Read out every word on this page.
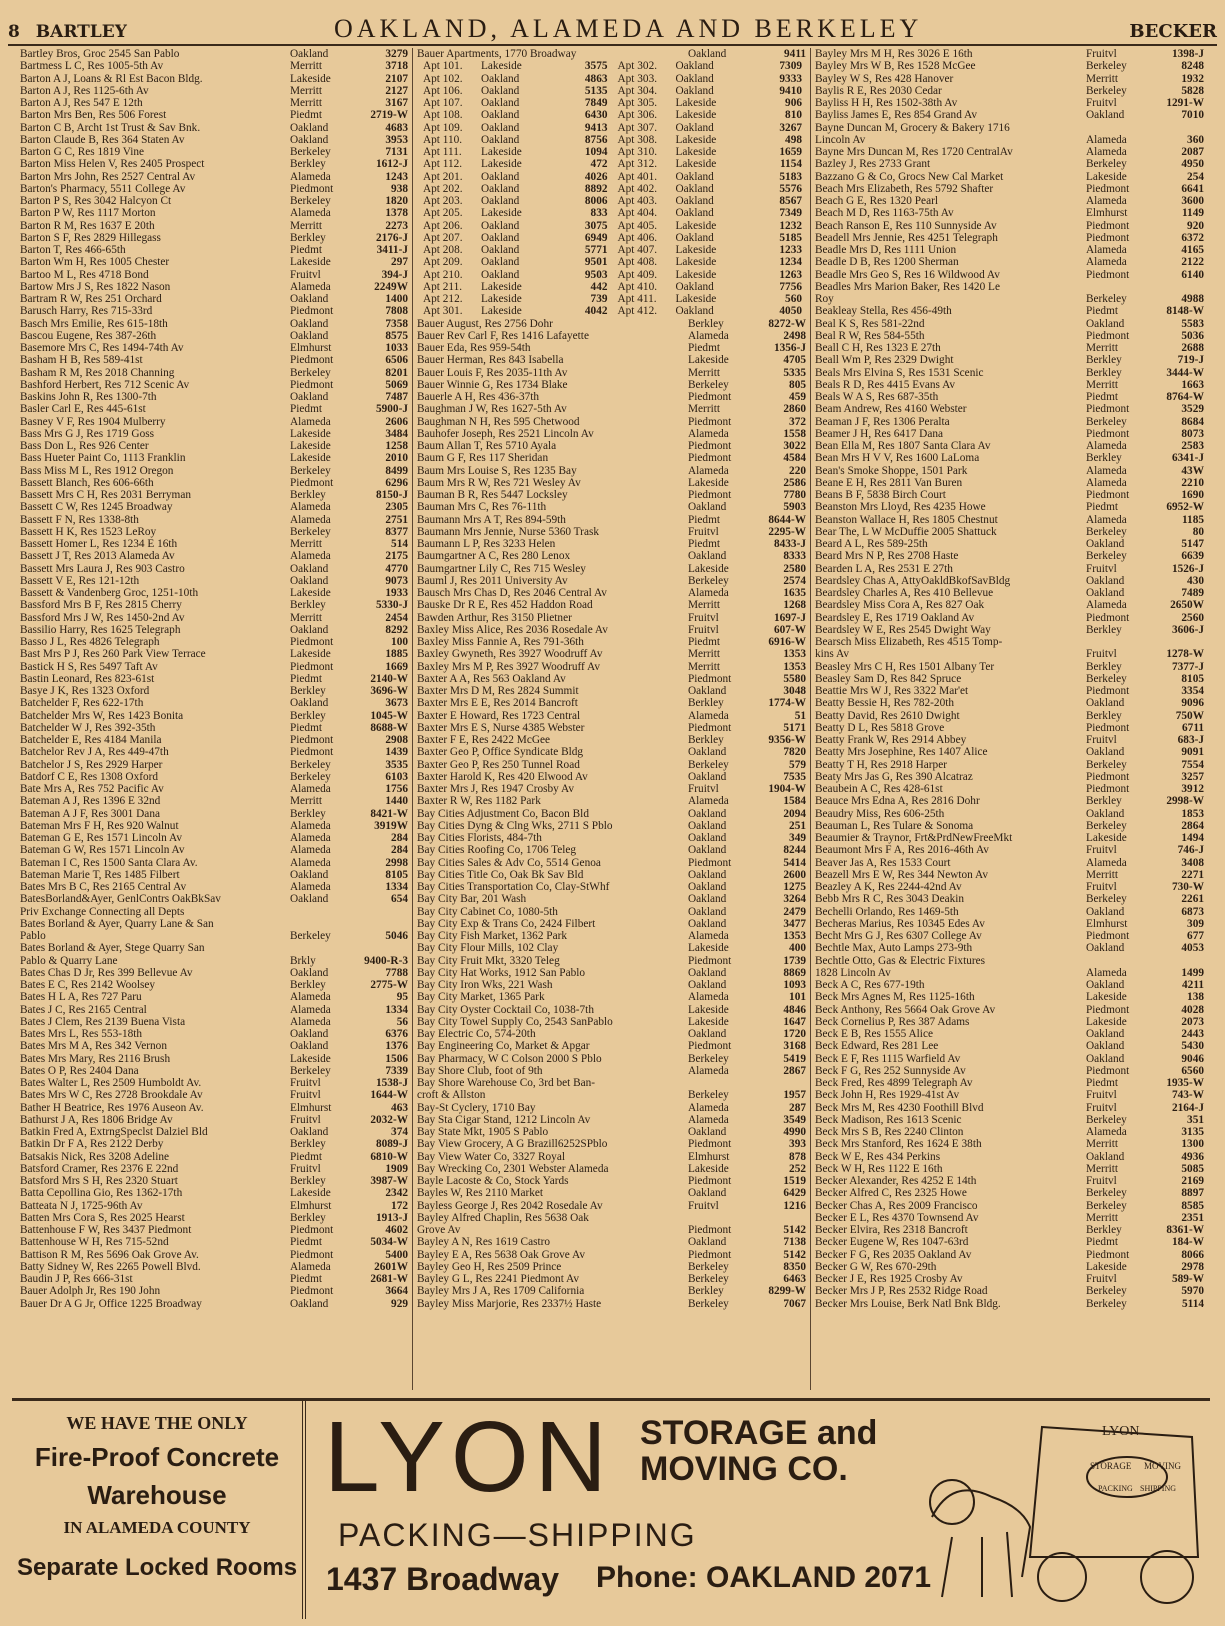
8 BARTLEY	OAKLAND, ALAMEDA AND BERKELEY	BECKER
Bartley Bros, Groc 2545 San Pablo	Oakland	3279
Bartmess L C, Res 1005-5th Av	Merritt	3718
Barton A J, Loans & Rl Est Bacon Bldg.	Lakeside	2107
Barton A J, Res 1125-6th Av	Merritt	2127
Barton A J, Res 547 E 12th	Merritt	3167
Barton Mrs Ben, Res 506 Forest	Piedmt	2719-W
Barton C B, Archt 1st Trust & Sav Bnk.	Oakland	4683
Barton Claude B, Res 364 Staten Av	Oakland	3953
Barton G C, Res 1819 Vine	Berkeley	7131
Barton Miss Helen V, Res 2405 Prospect	Berkley	1612-J
Barton Mrs John, Res 2527 Central Av	Alameda	1243
Barton's Pharmacy, 5511 College Av	Piedmont	938
Barton P S, Res 3042 Halcyon Ct	Berkeley	1820
Barton P W, Res 1117 Morton	Alameda	1378
Barton R M, Res 1637 E 20th	Merritt	2273
Barton S F, Res 2829 Hillegass	Berkley	2176-J
Barton T, Res 466-65th	Piedmt	3411-J
Barton Wm H, Res 1005 Chester	Lakeside	297
Bartoo M L, Res 4718 Bond	Fruitvl	394-J
Bartow Mrs J S, Res 1822 Nason	Alameda	2249W
Bartram R W, Res 251 Orchard	Oakland	1400
Barusch Harry, Res 715-33rd	Piedmont	7808
Basch Mrs Emilie, Res 615-18th	Oakland	7358
Bascou Eugene, Res 387-26th	Oakland	8575
Basemore Mrs C, Res 1494-74th Av	Elmhurst	1033
Basham H B, Res 589-41st	Piedmont	6506
Basham R M, Res 2018 Channing	Berkeley	8201
Bashford Herbert, Res 712 Scenic Av	Piedmont	5069
Baskins John R, Res 1300-7th	Oakland	7487
Basler Carl E, Res 445-61st	Piedmt	5900-J
Basney V F, Res 1904 Mulberry	Alameda	2606
Bass Mrs G J, Res 1719 Goss	Lakeside	3484
Bass Don L, Res 926 Center	Lakeside	1258
Bass Hueter Paint Co, 1113 Franklin	Lakeside	2010
Bass Miss M L, Res 1912 Oregon	Berkeley	8499
Bassett Blanch, Res 606-66th	Piedmont	6296
Bassett Mrs C H, Res 2031 Berryman	Berkley	8150-J
Bassett C W, Res 1245 Broadway	Alameda	2305
Bassett F N, Res 1338-8th	Alameda	2751
Bassett H K, Res 1523 LeRoy	Berkeley	8377
Bassett Homer L, Res 1234 E 16th	Merritt	514
Bassett J T, Res 2013 Alameda Av	Alameda	2175
Bassett Mrs Laura J, Res 903 Castro	Oakland	4770
Bassett V E, Res 121-12th	Oakland	9073
Bassett & Vandenberg Groc, 1251-10th	Lakeside	1933
Bassford Mrs B F, Res 2815 Cherry	Berkley	5330-J
Bassford Mrs J W, Res 1450-2nd Av	Merritt	2454
Bassilio Harry, Res 1625 Telegraph	Oakland	8292
Basso J L, Res 4826 Telegraph	Piedmont	100
Bast Mrs P J, Res 260 Park View Terrace	Lakeside	1885
Bastick H S, Res 5497 Taft Av	Piedmont	1669
Bastin Leonard, Res 823-61st	Piedmt	2140-W
Basye J K, Res 1323 Oxford	Berkley	3696-W
Batchelder F, Res 622-17th	Oakland	3673
Batchelder Mrs W, Res 1423 Bonita	Berkley	1045-W
Batchelder W J, Res 392-35th	Piedmt	8688-W
Batchelder E, Res 4184 Manila	Piedmont	2908
Batchelor Rev J A, Res 449-47th	Piedmont	1439
Batchelor J S, Res 2929 Harper	Berkeley	3535
Batdorf C E, Res 1308 Oxford	Berkeley	6103
Bate Mrs A, Res 752 Pacific Av	Alameda	1756
Bateman A J, Res 1396 E 32nd	Merritt	1440
Bateman A J F, Res 3001 Dana	Berkley	8421-W
Bateman Mrs F H, Res 920 Walnut	Alameda	3919W
Bateman G E, Res 1571 Lincoln Av	Alameda	284
Bateman G W, Res 1571 Lincoln Av	Alameda	284
Bateman I C, Res 1500 Santa Clara Av.	Alameda	2998
Bateman Marie T, Res 1485 Filbert	Oakland	8105
Bates Mrs B C, Res 2165 Central Av	Alameda	1334
BatesBorland&Ayer, GenlContrs OakBkSav	Oakland	654
Priv Exchange Connecting all Depts
Bates Borland & Ayer, Quarry Lane & San
Pablo	Berkeley	5046
Bates Borland & Ayer, Stege Quarry San
Pablo & Quarry Lane	Brkly	9400-R-3
Bates Chas D Jr, Res 399 Bellevue Av	Oakland	7788
Bates E C, Res 2142 Woolsey	Berkley	2775-W
Bates H L A, Res 727 Paru	Alameda	95
Bates J C, Res 2165 Central	Alameda	1334
Bates J Clem, Res 2139 Buena Vista	Alameda	56
Bates Mrs L, Res 553-18th	Oakland	6376
Bates Mrs M A, Res 342 Vernon	Oakland	1376
Bates Mrs Mary, Res 2116 Brush	Lakeside	1506
Bates O P, Res 2404 Dana	Berkeley	7339
Bates Walter L, Res 2509 Humboldt Av.	Fruitvl	1538-J
Bates Mrs W C, Res 2728 Brookdale Av	Fruitvl	1644-W
Bather H Beatrice, Res 1976 Auseon Av.	Elmhurst	463
Bathurst J A, Res 1806 Bridge Av	Fruitvl	2032-W
Batkin Fred A, ExtrngSpeclst Dalziel Bld	Oakland	374
Batkin Dr F A, Res 2122 Derby	Berkley	8089-J
Batsakis Nick, Res 3208 Adeline	Piedmt	6810-W
Batsford Cramer, Res 2376 E 22nd	Fruitvl	1909
Batsford Mrs S H, Res 2320 Stuart	Berkley	3987-W
Batta Cepollina Gio, Res 1362-17th	Lakeside	2342
Batteata N J, 1725-96th Av	Elmhurst	172
Batten Mrs Cora S, Res 2025 Hearst	Berkley	1913-J
Battenhouse F W, Res 3437 Piedmont	Piedmont	4602
Battenhouse W H, Res 715-52nd	Piedmt	5034-W
Battison R M, Res 5696 Oak Grove Av.	Piedmont	5400
Batty Sidney W, Res 2265 Powell Blvd.	Alameda	2601W
Baudin J P, Res 666-31st	Piedmt	2681-W
Bauer Adolph Jr, Res 190 John	Piedmont	3664
Bauer Dr A G Jr, Office 1225 Broadway	Oakland	929
Bauer Apartments, 1770 Broadway	Oakland	9411
Apt 101.	Lakeside	3575 Apt 302.	Oakland	7309
Apt 102.	Oakland	4863 Apt 303.	Oakland	9333
Apt 106.	Oakland	5135 Apt 304.	Oakland	9410
Apt 107.	Oakland	7849 Apt 305.	Lakeside	906
Apt 108.	Oakland	6430 Apt 306.	Lakeside	810
Apt 109.	Oakland	9413 Apt 307.	Oakland	3267
Apt 110.	Oakland	8756 Apt 308.	Lakeside	498
Apt 111.	Lakeside	1094 Apt 310.	Lakeside	1659
Apt 112.	Lakeside	472 Apt 312.	Lakeside	1154
Apt 201.	Oakland	4026 Apt 401.	Oakland	5183
Apt 202.	Oakland	8892 Apt 402.	Oakland	5576
Apt 203.	Oakland	8006 Apt 403.	Oakland	8567
Apt 205.	Lakeside	833 Apt 404.	Oakland	7349
Apt 206.	Oakland	3075 Apt 405.	Lakeside	1232
Apt 207.	Oakland	6949 Apt 406.	Oakland	5185
Apt 208.	Oakland	5771 Apt 407.	Lakeside	1233
Apt 209.	Oakland	9501 Apt 408.	Lakeside	1234
Apt 210.	Oakland	9503 Apt 409.	Lakeside	1263
Apt 211.	Lakeside	442 Apt 410.	Oakland	7756
Apt 212.	Lakeside	739 Apt 411.	Lakeside	560
Apt 301.	Lakeside	4042 Apt 412.	Oakland	4050
Bauer August, Res 2756 Dohr	Berkley	8272-W
Bauer Rev Carl F, Res 1416 Lafayette	Alameda	2498
Bauer Eda, Res 959-54th	Piedmt	1356-J
Bauer Herman, Res 843 Isabella	Lakeside	4705
Bauer Louis F, Res 2035-11th Av	Merritt	5335
Bauer Winnie G, Res 1734 Blake	Berkeley	805
Bauerle A H, Res 436-37th	Piedmont	459
Baughman J W, Res 1627-5th Av	Merritt	2860
Baughman N H, Res 595 Chetwood	Piedmont	372
Bauhofer Joseph, Res 2521 Lincoln Av	Alameda	1558
Baum Allan T, Res 5710 Ayala	Piedmont	3022
Baum G F, Res 117 Sheridan	Piedmont	4584
Baum Mrs Louise S, Res 1235 Bay	Alameda	220
Baum Mrs R W, Res 721 Wesley Av	Lakeside	2586
Bauman B R, Res 5447 Locksley	Piedmont	7780
Bauman Mrs C, Res 76-11th	Oakland	5903
Baumann Mrs A T, Res 894-59th	Piedmt	8644-W
Baumann Mrs Jennie, Nurse 5360 Trask	Fruitvl	2295-W
Baumann L P, Res 3233 Helen	Piedmt	8433-J
Baumgartner A C, Res 280 Lenox	Oakland	8333
Baumgartner Lily C, Res 715 Wesley	Lakeside	2580
Bauml J, Res 2011 University Av	Berkeley	2574
Bausch Mrs Chas D, Res 2046 Central Av	Alameda	1635
Bauske Dr R E, Res 452 Haddon Road	Merritt	1268
Bawden Arthur, Res 3150 Plietner	Fruitvl	1697-J
Baxley Miss Alice, Res 2036 Rosedale Av	Fruitvl	607-W
Baxley Miss Fannie A, Res 791-36th	Piedmt	6916-W
Baxley Gwyneth, Res 3927 Woodruff Av	Merritt	1353
Baxley Mrs M P, Res 3927 Woodruff Av	Merritt	1353
Baxter A A, Res 563 Oakland Av	Piedmont	5580
Baxter Mrs D M, Res 2824 Summit	Oakland	3048
Baxter Mrs E E, Res 2014 Bancroft	Berkley	1774-W
Baxter E Howard, Res 1723 Central	Alameda	51
Baxter Mrs E S, Nurse 4385 Webster	Piedmont	5171
Baxter F E, Res 2422 McGee	Berkley	9356-W
Baxter Geo P, Office Syndicate Bldg	Oakland	7820
Baxter Geo P, Res 250 Tunnel Road	Berkeley	579
Baxter Harold K, Res 420 Elwood Av	Oakland	7535
Baxter Mrs J, Res 1947 Crosby Av	Fruitvl	1904-W
Baxter R W, Res 1182 Park	Alameda	1584
Bay Cities Adjustment Co, Bacon Bld	Oakland	2094
Bay Cities Dyng & Clng Wks, 2711 S Pblo	Oakland	251
Bay Cities Florists, 484-7th	Oakland	349
Bay Cities Roofing Co, 1706 Teleg	Oakland	8244
Bay Cities Sales & Adv Co, 5514 Genoa	Piedmont	5414
Bay Cities Title Co, Oak Bk Sav Bld	Oakland	2600
Bay Cities Transportation Co, Clay-StWhf	Oakland	1275
Bay City Bar, 201 Wash	Oakland	3264
Bay City Cabinet Co, 1080-5th	Oakland	2479
Bay City Exp & Trans Co, 2424 Filbert	Oakland	3477
Bay City Fish Market, 1362 Park	Alameda	1353
Bay City Flour Mills, 102 Clay	Lakeside	400
Bay City Fruit Mkt, 3320 Teleg	Piedmont	1739
Bay City Hat Works, 1912 San Pablo	Oakland	8869
Bay City Iron Wks, 221 Wash	Oakland	1093
Bay City Market, 1365 Park	Alameda	101
Bay City Oyster Cocktail Co, 1038-7th	Lakeside	4846
Bay City Towel Supply Co, 2543 SanPablo	Lakeside	1647
Bay Electric Co, 574-20th	Oakland	1720
Bay Engineering Co, Market & Apgar	Piedmont	3168
Bay Pharmacy, W C Colson 2000 S Pblo	Berkeley	5419
Bay Shore Club, foot of 9th	Alameda	2867
Bay Shore Warehouse Co, 3rd bet Ban-
croft & Allston	Berkeley	1957
Bay-St Cyclery, 1710 Bay	Alameda	287
Bay Sta Cigar Stand, 1212 Lincoln Av	Alameda	3549
Bay State Mkt, 1905 S Pablo	Oakland	4990
Bay View Grocery, A G Brazill6252SPblo	Piedmont	393
Bay View Water Co, 3327 Royal	Elmhurst	878
Bay Wrecking Co, 2301 Webster Alameda	Lakeside	252
Bayle Lacoste & Co, Stock Yards	Piedmont	1519
Bayles W, Res 2110 Market	Oakland	6429
Bayless George J, Res 2042 Rosedale Av	Fruitvl	1216
Bayley Alfred Chaplin, Res 5638 Oak
Grove Av	Piedmont	5142
Bayley A N, Res 1619 Castro	Oakland	7138
Bayley E A, Res 5638 Oak Grove Av	Piedmont	5142
Bayley Geo H, Res 2509 Prince	Berkeley	8350
Bayley G L, Res 2241 Piedmont Av	Berkeley	6463
Bayley Mrs J A, Res 1709 California	Berkley	8299-W
Bayley Miss Marjorie, Res 2337½ Haste	Berkeley	7067
Bayley Mrs M H, Res 3026 E 16th	Fruitvl	1398-J
Bayley Mrs W B, Res 1528 McGee	Berkeley	8248
Bayley W S, Res 428 Hanover	Merritt	1932
Baylis R E, Res 2030 Cedar	Berkeley	5828
Bayliss H H, Res 1502-38th Av	Fruitvl	1291-W
Bayliss James E, Res 854 Grand Av	Oakland	7010
Bayne Duncan M, Grocery & Bakery 1716
Lincoln Av	Alameda	360
Bayne Mrs Duncan M, Res 1720 CentralAv	Alameda	2087
Bazley J, Res 2733 Grant	Berkeley	4950
Bazzano G & Co, Grocs New Cal Market	Lakeside	254
Beach Mrs Elizabeth, Res 5792 Shafter	Piedmont	6641
Beach G E, Res 1320 Pearl	Alameda	3600
Beach M D, Res 1163-75th Av	Elmhurst	1149
Beach Ranson E, Res 110 Sunnyside Av	Piedmont	920
Beadell Mrs Jennie, Res 4251 Telegraph	Piedmont	6372
Beadle Mrs D, Res 1111 Union	Alameda	4165
Beadle D B, Res 1200 Sherman	Alameda	2122
Beadle Mrs Geo S, Res 16 Wildwood Av	Piedmont	6140
Beadles Mrs Marion Baker, Res 1420 Le
Roy	Berkeley	4988
Beakleay Stella, Res 456-49th	Piedmt	8148-W
Beal K S, Res 581-22nd	Oakland	5583
Beal R W, Res 584-55th	Piedmont	5036
Beall C H, Res 1323 E 27th	Merritt	2688
Beall Wm P, Res 2329 Dwight	Berkley	719-J
Beals Mrs Elvina S, Res 1531 Scenic	Berkley	3444-W
Beals R D, Res 4415 Evans Av	Merritt	1663
Beals W A S, Res 687-35th	Piedmt	8764-W
Beam Andrew, Res 4160 Webster	Piedmont	3529
Beaman J F, Res 1306 Peralta	Berkeley	8684
Beamer J H, Res 6417 Dana	Piedmont	8073
Bean Ella M, Res 1807 Santa Clara Av	Alameda	2583
Bean Mrs H V V, Res 1600 LaLoma	Berkley	6341-J
Bean's Smoke Shoppe, 1501 Park	Alameda	43W
Beane E H, Res 2811 Van Buren	Alameda	2210
Beans B F, 5838 Birch Court	Piedmont	1690
Beanston Mrs Lloyd, Res 4235 Howe	Piedmt	6952-W
Beanston Wallace H, Res 1805 Chestnut	Alameda	1185
Bear The, L W McDuffie 2005 Shattuck	Berkeley	80
Beard A L, Res 589-25th	Oakland	5147
Beard Mrs N P, Res 2708 Haste	Berkeley	6639
Bearden L A, Res 2531 E 27th	Fruitvl	1526-J
Beardsley Chas A, AttyOakldBkofSavBldg	Oakland	430
Beardsley Charles A, Res 410 Bellevue	Oakland	7489
Beardsley Miss Cora A, Res 827 Oak	Alameda	2650W
Beardsley E, Res 1719 Oakland Av	Piedmont	2560
Beardsley W E, Res 2545 Dwight Way	Berkley	3606-J
Bearsch Miss Elizabeth, Res 4515 Tomp-
kins Av	Fruitvl	1278-W
Beasley Mrs C H, Res 1501 Albany Ter	Berkley	7377-J
Beasley Sam D, Res 842 Spruce	Berkeley	8105
Beattie Mrs W J, Res 3322 Mar'et	Piedmont	3354
Beatty Bessie H, Res 782-20th	Oakland	9096
Beatty David, Res 2610 Dwight	Berkley	750W
Beatty D L, Res 5818 Grove	Piedmont	6711
Beatty Frank W, Res 2914 Abbey	Fruitvl	683-J
Beatty Mrs Josephine, Res 1407 Alice	Oakland	9091
Beatty T H, Res 2918 Harper	Berkeley	7554
Beaty Mrs Jas G, Res 390 Alcatraz	Piedmont	3257
Beaubein A C, Res 428-61st	Piedmont	3912
Beauce Mrs Edna A, Res 2816 Dohr	Berkley	2998-W
Beaudry Miss, Res 606-25th	Oakland	1853
Beauman L, Res Tulare & Sonoma	Berkeley	2864
Beaumier & Traynor, Frt&PrdNewFreeMkt	Lakeside	1494
Beaumont Mrs F A, Res 2016-46th Av	Fruitvl	746-J
Beaver Jas A, Res 1533 Court	Alameda	3408
Beazell Mrs E W, Res 344 Newton Av	Merritt	2271
Beazley A K, Res 2244-42nd Av	Fruitvl	730-W
Bebb Mrs R C, Res 3043 Deakin	Berkeley	2261
Bechelli Orlando, Res 1469-5th	Oakland	6873
Becheras Marius, Res 10345 Edes Av	Elmhurst	309
Becht Mrs G J, Res 6307 College Av	Piedmont	677
Bechtle Max, Auto Lamps 273-9th	Oakland	4053
Bechtle Otto, Gas & Electric Fixtures
1828 Lincoln Av	Alameda	1499
Beck A C, Res 677-19th	Oakland	4211
Beck Mrs Agnes M, Res 1125-16th	Lakeside	138
Beck Anthony, Res 5664 Oak Grove Av	Piedmont	4028
Beck Cornelius P, Res 387 Adams	Lakeside	2073
Beck E B, Res 1555 Alice	Oakland	2443
Beck Edward, Res 281 Lee	Oakland	5430
Beck E F, Res 1115 Warfield Av	Oakland	9046
Beck F G, Res 252 Sunnyside Av	Piedmont	6560
Beck Fred, Res 4899 Telegraph Av	Piedmt	1935-W
Beck John H, Res 1929-41st Av	Fruitvl	743-W
Beck Mrs M, Res 4230 Foothill Blvd	Fruitvl	2164-J
Beck Madison, Res 1613 Scenic	Berkeley	351
Beck Mrs S B, Res 2240 Clinton	Alameda	3135
Beck Mrs Stanford, Res 1624 E 38th	Merritt	1300
Beck W E, Res 434 Perkins	Oakland	4936
Beck W H, Res 1122 E 16th	Merritt	5085
Becker Alexander, Res 4252 E 14th	Fruitvl	2169
Becker Alfred C, Res 2325 Howe	Berkeley	8897
Becker Chas A, Res 2009 Francisco	Berkeley	8585
Becker E L, Res 4370 Townsend Av	Merritt	2351
Becker Elvira, Res 2318 Bancroft	Berkley	8361-W
Becker Eugene W, Res 1047-63rd	Piedmt	184-W
Becker F G, Res 2035 Oakland Av	Piedmont	8066
Becker G W, Res 670-29th	Lakeside	2978
Becker J E, Res 1925 Crosby Av	Fruitvl	589-W
Becker Mrs J P, Res 2532 Ridge Road	Berkeley	5970
Becker Mrs Louise, Berk Natl Bnk Bldg.	Berkeley	5114
WE HAVE THE ONLY
Fire-Proof Concrete
Warehouse
IN ALAMEDA COUNTY
Separate Locked Rooms
LYON STORAGE and
MOVING CO.
PACKING—SHIPPING
1437 Broadway Phone: OAKLAND 2071
LYON
STORAGE MOVING
PACKING SHIPPING
